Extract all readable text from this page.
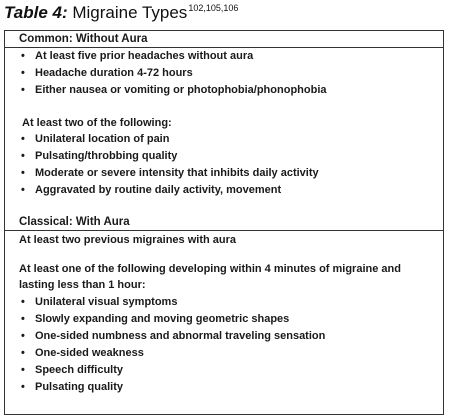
Table 4: Migraine Types$^{102,105,106}$
Common: Without Aura
• At least five prior headaches without aura
• Headache duration 4-72 hours
• Either nausea or vomiting or photophobia/phonophobia
At least two of the following:
• Unilateral location of pain
• Pulsating/throbbing quality
• Moderate or severe intensity that inhibits daily activity
• Aggravated by routine daily activity, movement
Classical: With Aura
At least two previous migraines with aura
At least one of the following developing within 4 minutes of migraine and lasting less than 1 hour:
• Unilateral visual symptoms
• Slowly expanding and moving geometric shapes
• One-sided numbness and abnormal traveling sensation
• One-sided weakness
• Speech difficulty
• Pulsating quality
